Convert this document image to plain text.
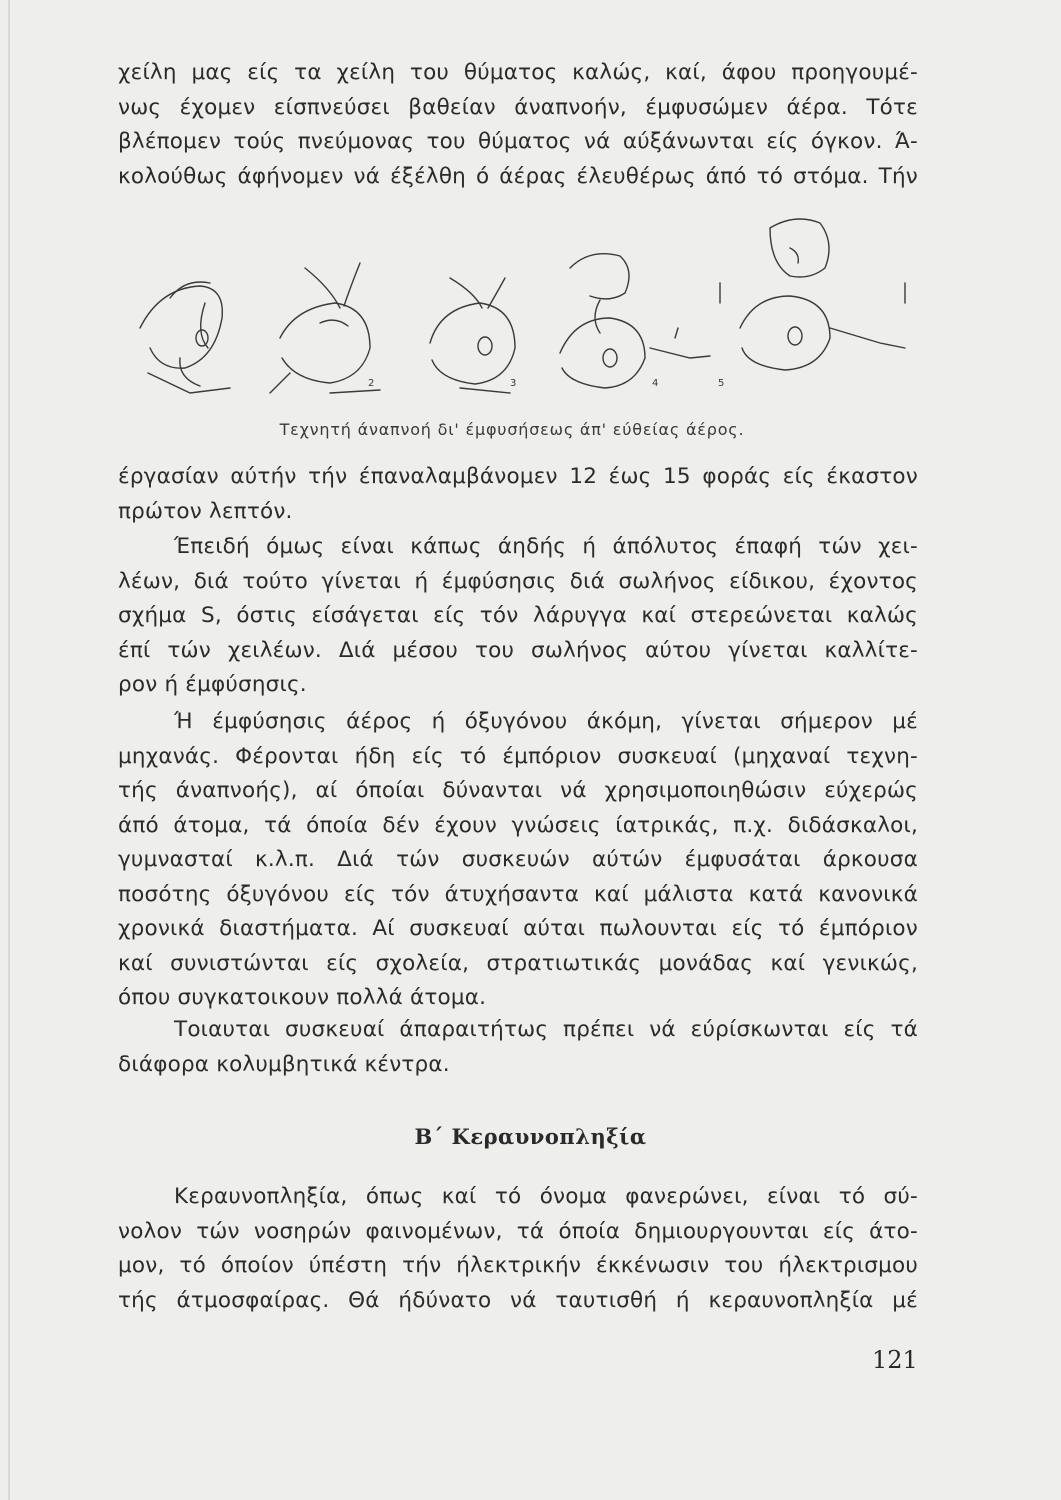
χείλη μας είς τα χείλη του θύματος καλώς, καί, άφου προηγουμέ-
νως έχομεν είσπνεύσει βαθείαν άναπνοήν, έμφυσώμεν άέρα. Τότε
βλέπομεν τούς πνεύμονας του θύματος νά αύξάνωνται είς όγκον. Ά-
κολούθως άφήνομεν νά έξέλθη ό άέρας έλευθέρως άπό τό στόμα. Τήν
2	3	4	5
Τεχνητή άναπνοή δι' έμφυσήσεως άπ' εύθείας άέρος.
έργασίαν αύτήν τήν έπαναλαμβάνομεν 12 έως 15 φοράς είς έκαστον
πρώτον λεπτόν.
Έπειδή όμως είναι κάπως άηδής ή άπόλυτος έπαφή τών χει-
λέων, διά τούτο γίνεται ή έμφύσησις διά σωλήνος είδικου, έχοντος
σχήμα S, όστις είσάγεται είς τόν λάρυγγα καί στερεώνεται καλώς
έπί τών χειλέων. Διά μέσου του σωλήνος αύτου γίνεται καλλίτε-
ρον ή έμφύσησις.
Ή έμφύσησις άέρος ή όξυγόνου άκόμη, γίνεται σήμερον μέ
μηχανάς. Φέρονται ήδη είς τό έμπόριον συσκευαί (μηχαναί τεχνη-
τής άναπνοής), αί όποίαι δύνανται νά χρησιμοποιηθώσιν εύχερώς
άπό άτομα, τά όποία δέν έχουν γνώσεις ίατρικάς, π.χ. διδάσκαλοι,
γυμνασταί κ.λ.π. Διά τών συσκευών αύτών έμφυσάται άρκουσα
ποσότης όξυγόνου είς τόν άτυχήσαντα καί μάλιστα κατά κανονικά
χρονικά διαστήματα. Αί συσκευαί αύται πωλουνται είς τό έμπόριον
καί συνιστώνται είς σχολεία, στρατιωτικάς μονάδας καί γενικώς,
όπου συγκατοικουν πολλά άτομα.
Τοιαυται συσκευαί άπαραιτήτως πρέπει νά εύρίσκωνται είς τά
διάφορα κολυμβητικά κέντρα.
Β΄ Κεραυνοπληξία
Κεραυνοπληξία, όπως καί τό όνομα φανερώνει, είναι τό σύ-
νολον τών νοσηρών φαινομένων, τά όποία δημιουργουνται είς άτο-
μον, τό όποίον ύπέστη τήν ήλεκτρικήν έκκένωσιν του ήλεκτρισμου
τής άτμοσφαίρας. Θά ήδύνατο νά ταυτισθή ή κεραυνοπληξία μέ
121
